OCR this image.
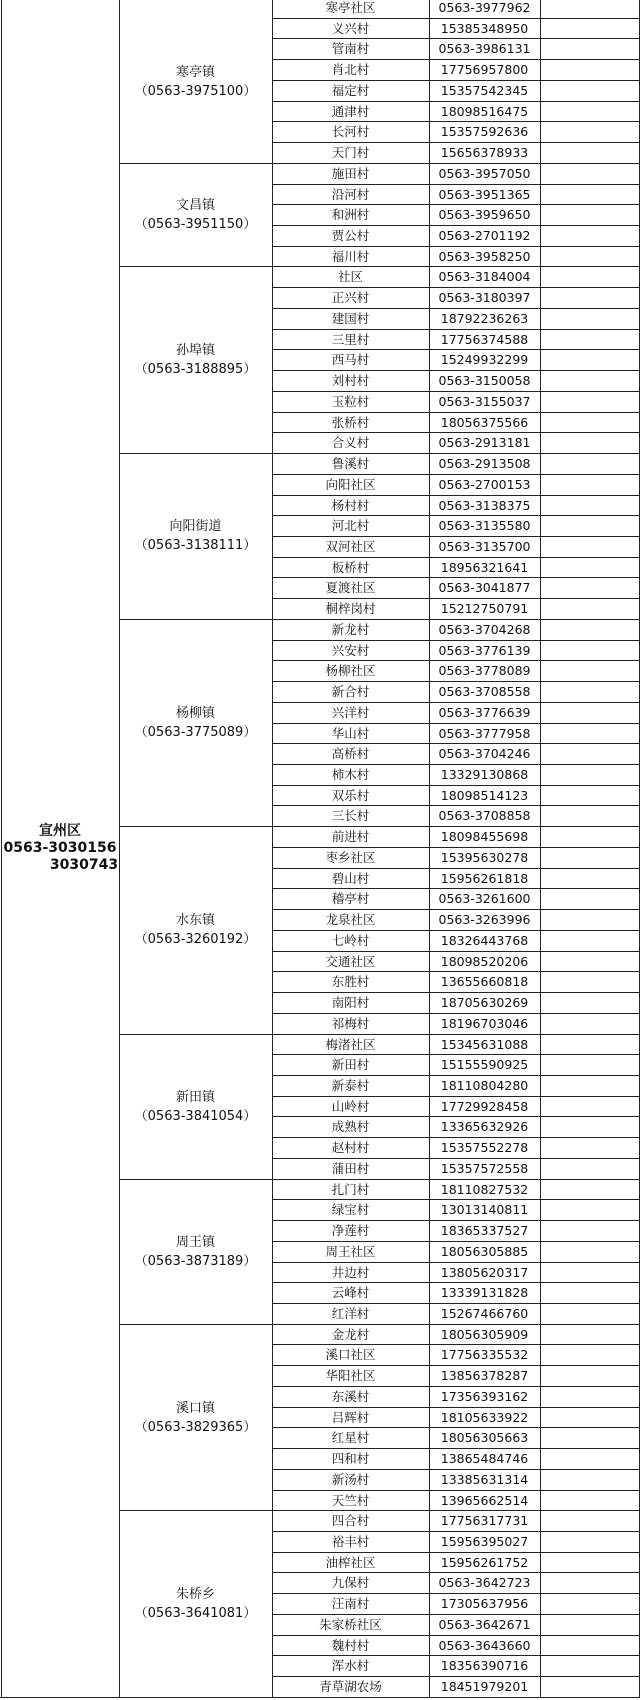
宣州区
0563-3030156
3030743
寒亭镇
（0563-3975100）
寒亭社区	0563-3977962
义兴村	15385348950
管南村	0563-3986131
肖北村	17756957800
福定村	15357542345
通津村	18098516475
长河村	15357592636
天门村	15656378933
文昌镇
（0563-3951150）
施田村	0563-3957050
沿河村	0563-3951365
和洲村	0563-3959650
贾公村	0563-2701192
福川村	0563-3958250
孙埠镇
（0563-3188895）
社区	0563-3184004
正兴村	0563-3180397
建国村	18792236263
三里村	17756374588
西马村	15249932299
刘村村	0563-3150058
玉粒村	0563-3155037
张桥村	18056375566
合义村	0563-2913181
向阳街道
（0563-3138111）
鲁溪村	0563-2913508
向阳社区	0563-2700153
杨村村	0563-3138375
河北村	0563-3135580
双河社区	0563-3135700
板桥村	18956321641
夏渡社区	0563-3041877
桐梓岗村	15212750791
杨柳镇
（0563-3775089）
新龙村	0563-3704268
兴安村	0563-3776139
杨柳社区	0563-3778089
新合村	0563-3708558
兴洋村	0563-3776639
华山村	0563-3777958
高桥村	0563-3704246
柿木村	13329130868
双乐村	18098514123
三长村	0563-3708858
水东镇
（0563-3260192）
前进村	18098455698
枣乡社区	15395630278
碧山村	15956261818
稽亭村	0563-3261600
龙泉社区	0563-3263996
七岭村	18326443768
交通社区	18098520206
东胜村	13655660818
南阳村	18705630269
祁梅村	18196703046
新田镇
（0563-3841054）
梅渚社区	15345631088
新田村	15155590925
新泰村	18110804280
山岭村	17729928458
成熟村	13365632926
赵村村	15357552278
蒲田村	15357572558
周王镇
（0563-3873189）
扎门村	18110827532
绿宝村	13013140811
净莲村	18365337527
周王社区	18056305885
井边村	13805620317
云峰村	13339131828
红洋村	15267466760
溪口镇
（0563-3829365）
金龙村	18056305909
溪口社区	17756335532
华阳社区	13856378287
东溪村	17356393162
吕辉村	18105633922
红星村	18056305663
四和村	13865484746
新汤村	13385631314
天竺村	13965662514
朱桥乡
（0563-3641081）
四合村	17756317731
裕丰村	15956395027
油榨社区	15956261752
九保村	0563-3642723
汪南村	17305637956
朱家桥社区	0563-3642671
魏村村	0563-3643660
浑水村	18356390716
青草湖农场	18451979201
